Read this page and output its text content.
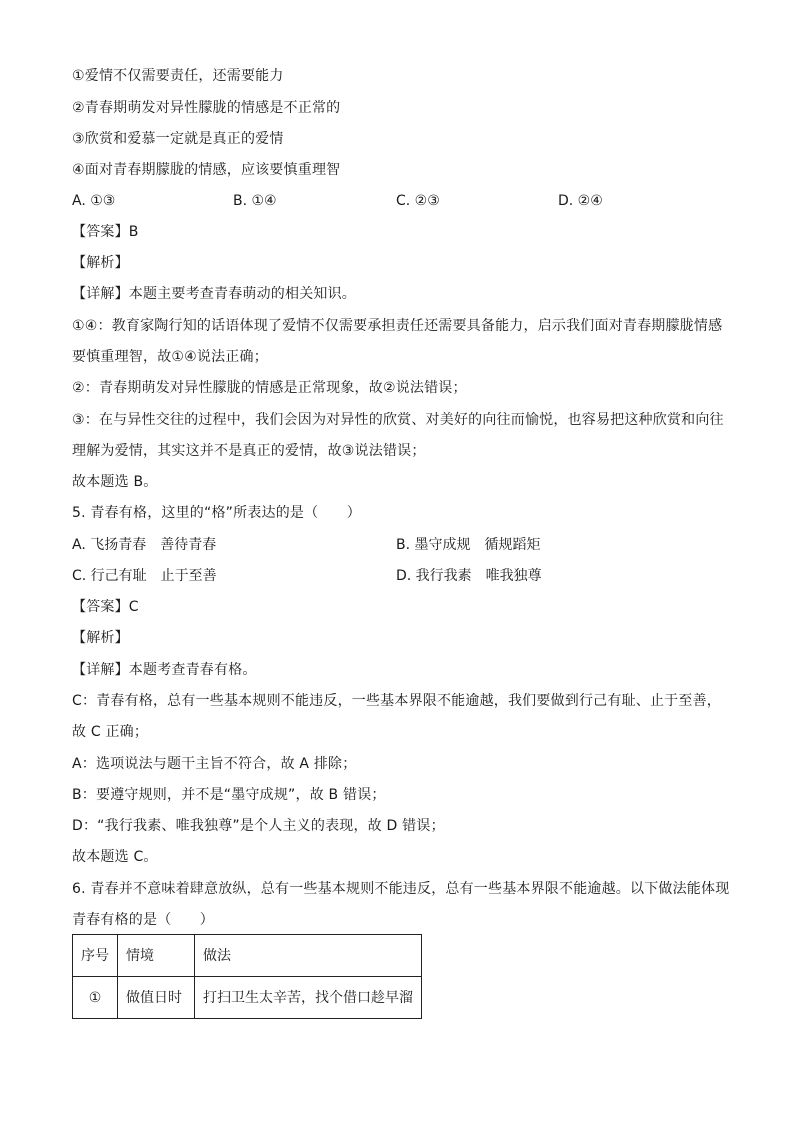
①爱情不仅需要责任，还需要能力
②青春期萌发对异性朦胧的情感是不正常的
③欣赏和爱慕一定就是真正的爱情
④面对青春期朦胧的情感，应该要慎重理智
A. ①③	B. ①④	C. ②③	D. ②④
【答案】B
【解析】
【详解】本题主要考查青春萌动的相关知识。
①④：教育家陶行知的话语体现了爱情不仅需要承担责任还需要具备能力，启示我们面对青春期朦胧情感
要慎重理智，故①④说法正确；
②：青春期萌发对异性朦胧的情感是正常现象，故②说法错误；
③：在与异性交往的过程中，我们会因为对异性的欣赏、对美好的向往而愉悦，也容易把这种欣赏和向往
理解为爱情，其实这并不是真正的爱情，故③说法错误；
故本题选 B。
5. 青春有格，这里的“格”所表达的是（　　）
A. 飞扬青春　善待青春	B. 墨守成规　循规蹈矩
C. 行己有耻　止于至善	D. 我行我素　唯我独尊
【答案】C
【解析】
【详解】本题考查青春有格。
C：青春有格，总有一些基本规则不能违反，一些基本界限不能逾越，我们要做到行己有耻、止于至善，
故 C 正确；
A：选项说法与题干主旨不符合，故 A 排除；
B：要遵守规则，并不是“墨守成规”，故 B 错误；
D：“我行我素、唯我独尊”是个人主义的表现，故 D 错误；
故本题选 C。
6. 青春并不意味着肆意放纵，总有一些基本规则不能违反，总有一些基本界限不能逾越。以下做法能体现
青春有格的是（　　）
序号	情境	做法
①	做值日时	打扫卫生太辛苦，找个借口趁早溜
